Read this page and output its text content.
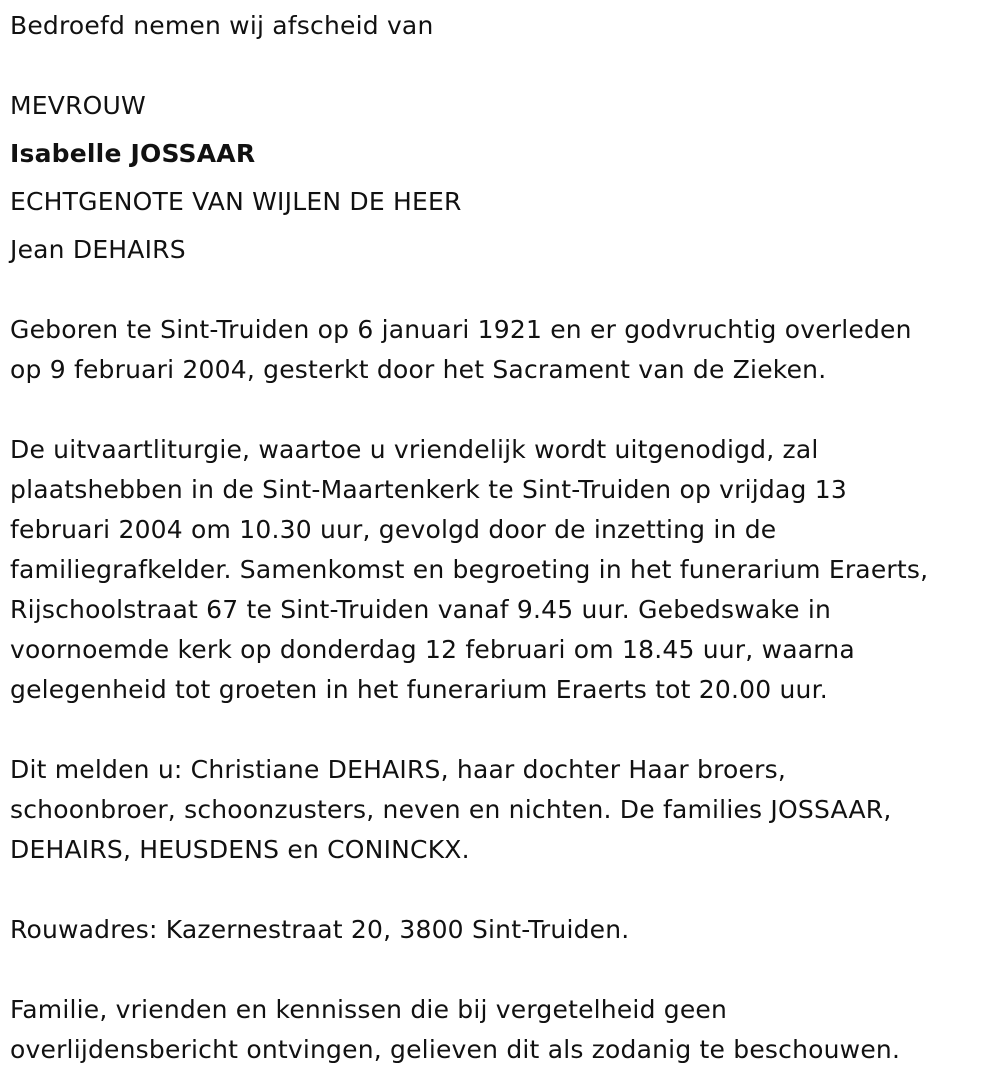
Bedroefd nemen wij afscheid van
MEVROUW
Isabelle JOSSAAR
ECHTGENOTE VAN WIJLEN DE HEER
Jean DEHAIRS
Geboren te Sint-Truiden op 6 januari 1921 en er godvruchtig overleden
op 9 februari 2004, gesterkt door het Sacrament van de Zieken.
De uitvaartliturgie, waartoe u vriendelijk wordt uitgenodigd, zal
plaatshebben in de Sint-Maartenkerk te Sint-Truiden op vrijdag 13
februari 2004 om 10.30 uur, gevolgd door de inzetting in de
familiegrafkelder. Samenkomst en begroeting in het funerarium Eraerts,
Rijschoolstraat 67 te Sint-Truiden vanaf 9.45 uur. Gebedswake in
voornoemde kerk op donderdag 12 februari om 18.45 uur, waarna
gelegenheid tot groeten in het funerarium Eraerts tot 20.00 uur.
Dit melden u: Christiane DEHAIRS, haar dochter Haar broers,
schoonbroer, schoonzusters, neven en nichten. De families JOSSAAR,
DEHAIRS, HEUSDENS en CONINCKX.
Rouwadres: Kazernestraat 20, 3800 Sint-Truiden.
Familie, vrienden en kennissen die bij vergetelheid geen
overlijdensbericht ontvingen, gelieven dit als zodanig te beschouwen.
